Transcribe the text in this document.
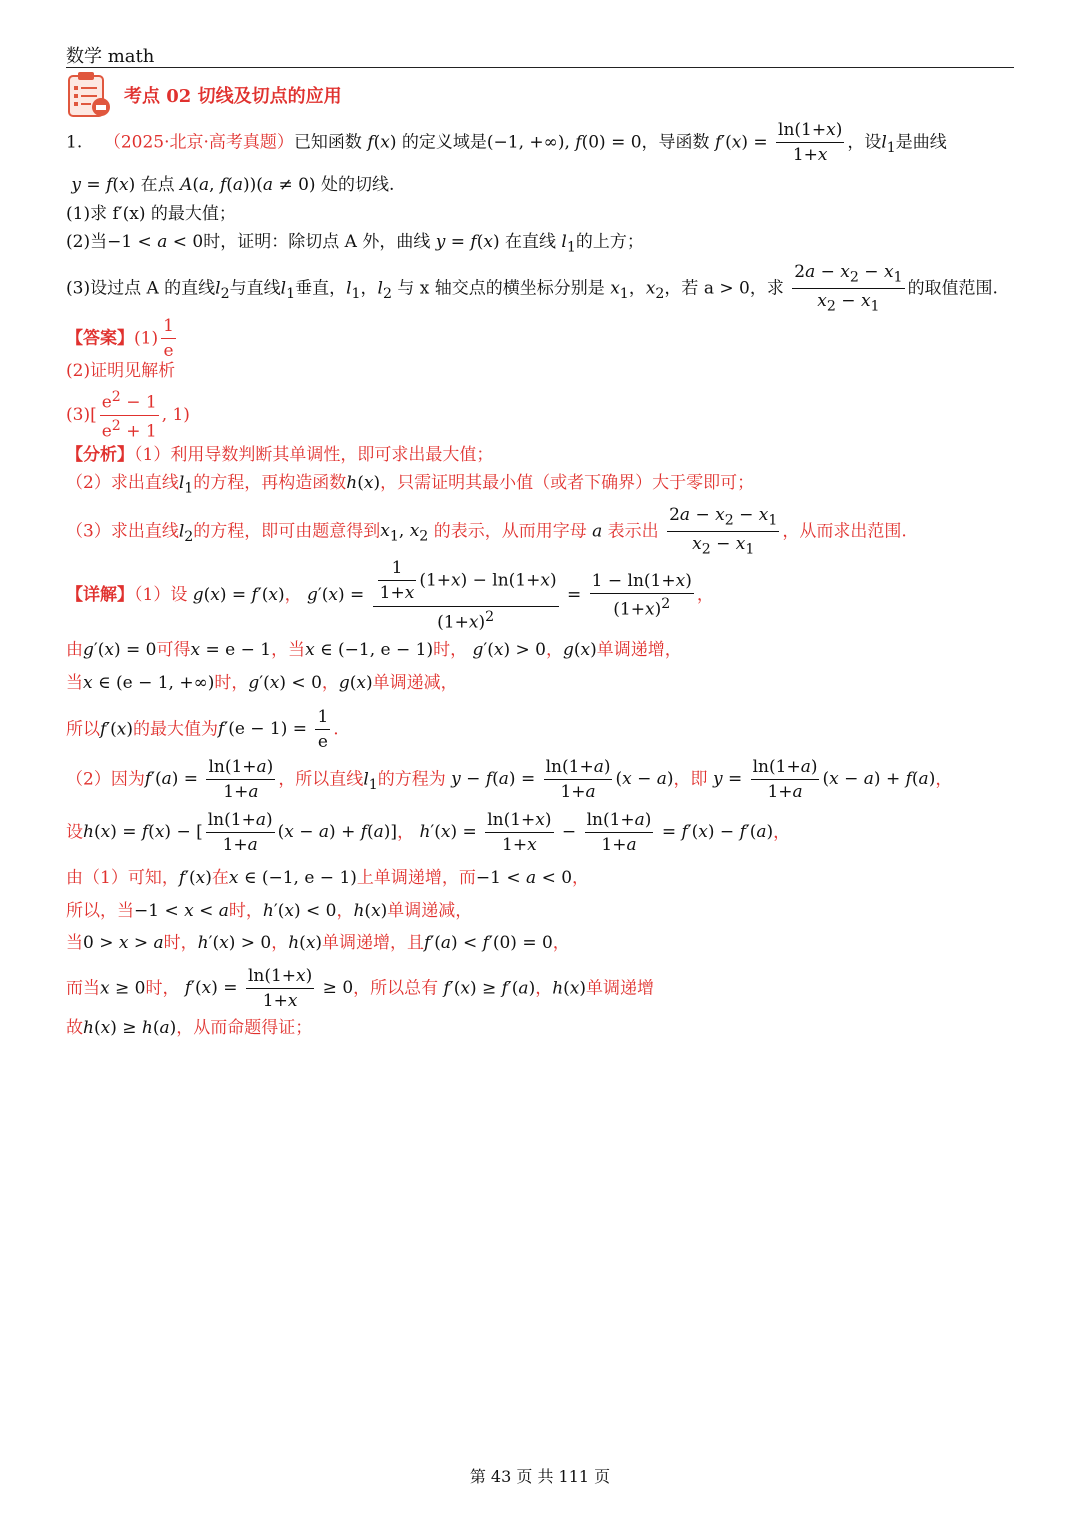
数学 math
考点 02 切线及切点的应用
1. （2025·北京·高考真题）已知函数 f(x) 的定义域是(−1, +∞), f(0) = 0，导函数 $f'(x) = \frac{\ln(1+x)}{1+x}$ ，设$l_1$是曲线
y = f(x) 在点 A(a, f(a))(a ≠ 0) 处的切线.
(1)求 f′(x) 的最大值；
(2)当−1 < a < 0时，证明：除切点 A 外，曲线 y = f(x) 在直线 $l_1$的上方；
(3)设过点 A 的直线$l_2$与直线$l_1$垂直，$l_1$，$l_2$ 与 x 轴交点的横坐标分别是 $x_1$，$x_2$，若 a > 0，求 $\frac{2a - x_2 - x_1}{x_2 - x_1}$ 的取值范围.
【答案】$(1) \frac{1}{e}$
(2)证明见解析
$(3)[ \frac{e^2 - 1}{e^2 + 1}$ , 1)
【分析】（1）利用导数判断其单调性，即可求出最大值；
（2）求出直线$l_1$的方程，再构造函数h(x)，只需证明其最小值（或者下确界）大于零即可；
（3）求出直线$l_2$的方程，即可由题意得到$x_1$, $x_2$ 的表示，从而用字母 a 表示出 $\frac{2a - x_2 - x_1}{x_2 - x_1}$ ，从而求出范围.
【详解】（1）设 g(x) = f′(x)， $g'(x) = \frac{\frac{1}{1+x} (1+x) - \ln(1+x)}{(1+x)^2} = \frac{1 - \ln(1+x)}{(1+x)^2}$ ，
由g′(x) = 0可得x = e − 1，当x ∈ (−1, e − 1)时， g′(x) > 0，g(x)单调递增，
当x ∈ (e − 1, +∞)时，g′(x) < 0，g(x)单调递减，
所以f′(x)的最大值为$f'(e - 1) = \frac{1}{e}$ .
（2）因为$f'(a) = \frac{\ln(1+a)}{1+a}$ ，所以直线$l_1$的方程为 $y - f(a) = \frac{\ln(1+a)}{1+a} (x - a)$，即 $y = \frac{\ln(1+a)}{1+a} (x - a) + f(a)$，
设h(x) = f(x) − [ $\frac{\ln(1+a)}{1+a} (x - a) + f(a)$]， $h'(x) = \frac{\ln(1+x)}{1+x} - \frac{\ln(1+a)}{1+a} = f'(x) - f'(a)$，
由（1）可知，f′(x)在x ∈ (−1, e − 1)上单调递增，而−1 < a < 0，
所以，当−1 < x < a时，h′(x) < 0，h(x)单调递减，
当0 > x > a时，h′(x) > 0，h(x)单调递增，且f′(a) < f′(0) = 0，
而当x ≥ 0时， $f'(x) = \frac{\ln(1+x)}{1+x} \ge 0$，所以总有 f′(x) ≥ f′(a)，h(x)单调递增
故h(x) ≥ h(a)，从而命题得证；
第 43 页 共 111 页
